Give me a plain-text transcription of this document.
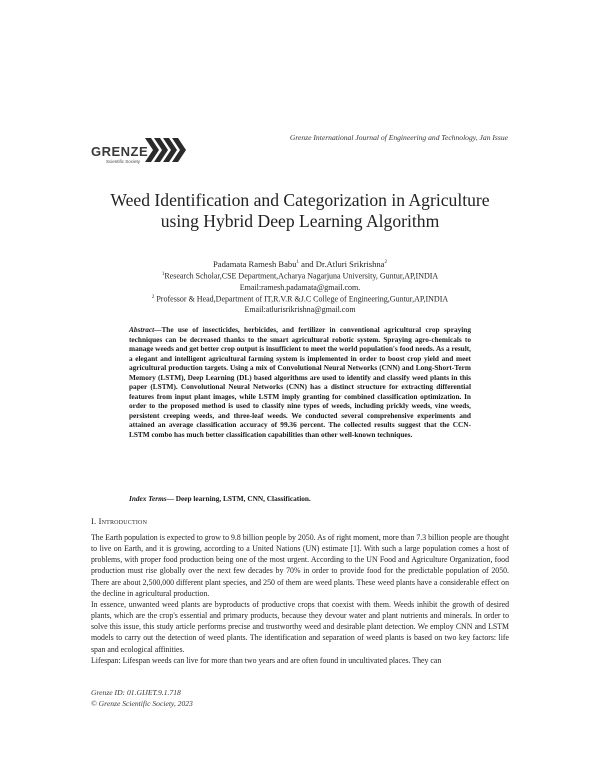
GRENZE
Scientific Society
Grenze International Journal of Engineering and Technology, Jan Issue
Weed Identification and Categorization in Agriculture
using Hybrid Deep Learning Algorithm
Padamata Ramesh Babu$^1$ and Dr.Atluri Srikrishna$^2$
$^1$Research Scholar,CSE Department,Acharya Nagarjuna University, Guntur,AP,INDIA
Email:ramesh.padamata@gmail.com.
$^2$ Professor & Head,Department of IT,R.V.R &J.C College of Engineering,Guntur,AP,INDIA
Email:atlurisrikrishna@gmail.com
Abstract—The use of insecticides, herbicides, and fertilizer in conventional agricultural crop spraying techniques can be decreased thanks to the smart agricultural robotic system. Spraying agro-chemicals to manage weeds and get better crop output is insufficient to meet the world population's food needs. As a result, a elegant and intelligent agricultural farming system is implemented in order to boost crop yield and meet agricultural production targets. Using a mix of Convolutional Neural Networks (CNN) and Long-Short-Term Memory (LSTM), Deep Learning (DL) based algorithms are used to identify and classify weed plants in this paper (LSTM). Convolutional Neural Networks (CNN) has a distinct structure for extracting differential features from input plant images, while LSTM imply granting for combined classification optimization. In order to the proposed method is used to classify nine types of weeds, including prickly weeds, vine weeds, persistent creeping weeds, and three-leaf weeds. We conducted several comprehensive experiments and attained an average classification accuracy of 99.36 percent. The collected results suggest that the CCN-LSTM combo has much better classification capabilities than other well-known techniques.
Index Terms— Deep learning, LSTM, CNN, Classification.
I. Introduction

The Earth population is expected to grow to 9.8 billion people by 2050. As of right moment, more than 7.3 billion people are thought to live on Earth, and it is growing, according to a United Nations (UN) estimate [1]. With such a large population comes a host of problems, with proper food production being one of the most urgent. According to the UN Food and Agriculture Organization, food production must rise globally over the next few decades by 70% in order to provide food for the predictable population of 2050. There are about 2,500,000 different plant species, and 250 of them are weed plants. These weed plants have a considerable effect on the decline in agricultural production.

In essence, unwanted weed plants are byproducts of productive crops that coexist with them. Weeds inhibit the growth of desired plants, which are the crop's essential and primary products, because they devour water and plant nutrients and minerals. In order to solve this issue, this study article performs precise and trustworthy weed and desirable plant detection. We employ CNN and LSTM models to carry out the detection of weed plants. The identification and separation of weed plants is based on two key factors: life span and ecological affinities.

Lifespan: Lifespan weeds can live for more than two years and are often found in uncultivated places. They can

Grenze ID: 01.GIJET.9.1.718
© Grenze Scientific Society, 2023
